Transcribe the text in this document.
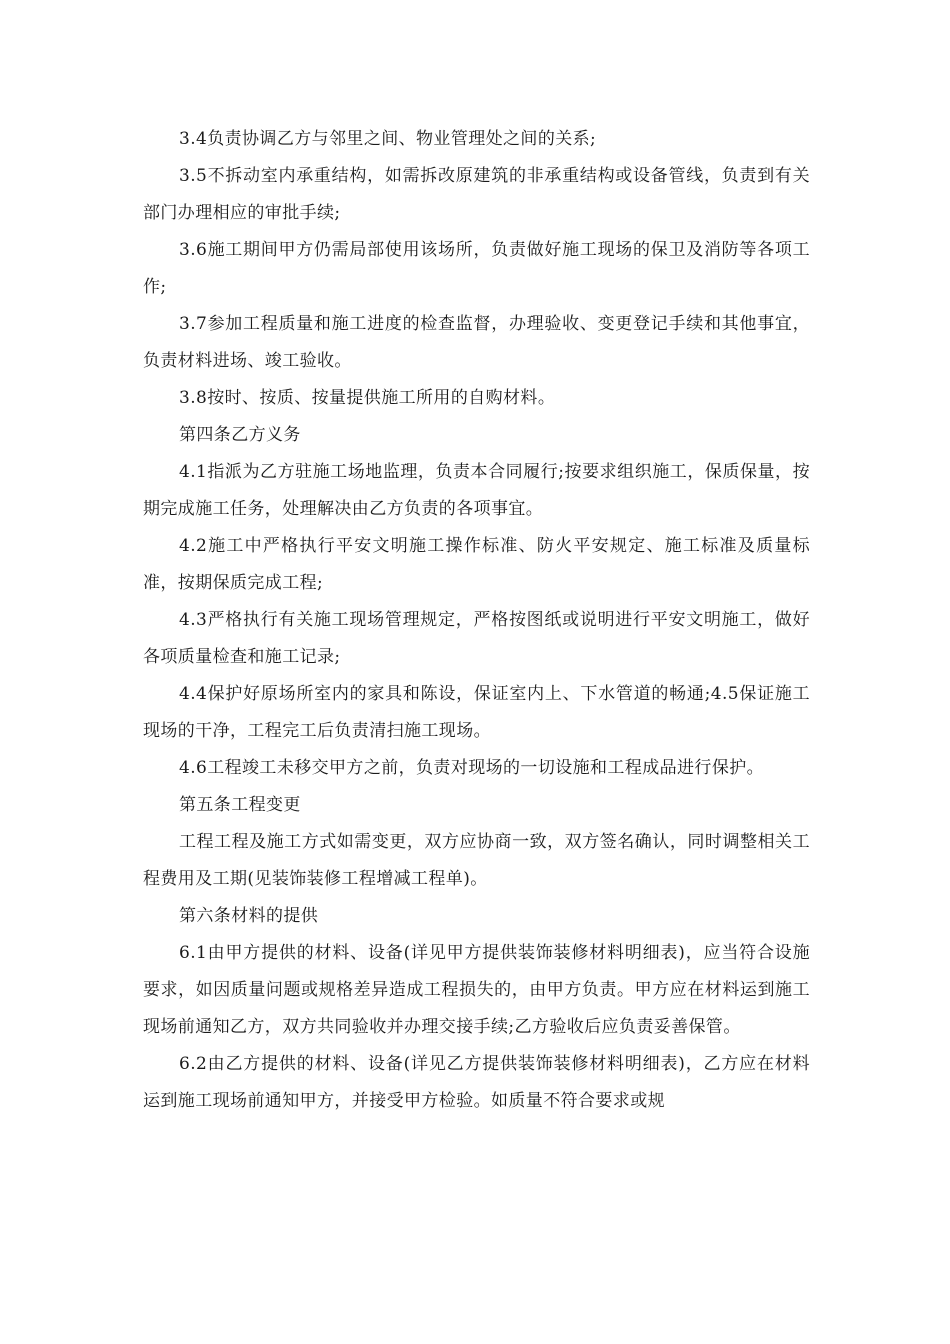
3.4负责协调乙方与邻里之间、物业管理处之间的关系;

3.5不拆动室内承重结构，如需拆改原建筑的非承重结构或设备管线，负责到有关部门办理相应的审批手续;

3.6施工期间甲方仍需局部使用该场所，负责做好施工现场的保卫及消防等各项工作;

3.7参加工程质量和施工进度的检查监督，办理验收、变更登记手续和其他事宜，负责材料进场、竣工验收。

3.8按时、按质、按量提供施工所用的自购材料。

第四条乙方义务

4.1指派为乙方驻施工场地监理，负责本合同履行;按要求组织施工，保质保量，按期完成施工任务，处理解决由乙方负责的各项事宜。

4.2施工中严格执行平安文明施工操作标准、防火平安规定、施工标准及质量标准，按期保质完成工程;

4.3严格执行有关施工现场管理规定，严格按图纸或说明进行平安文明施工，做好各项质量检查和施工记录;

4.4保护好原场所室内的家具和陈设，保证室内上、下水管道的畅通;4.5保证施工现场的干净，工程完工后负责清扫施工现场。

4.6工程竣工未移交甲方之前，负责对现场的一切设施和工程成品进行保护。

第五条工程变更

工程工程及施工方式如需变更，双方应协商一致，双方签名确认，同时调整相关工程费用及工期(见装饰装修工程增减工程单)。

第六条材料的提供

6.1由甲方提供的材料、设备(详见甲方提供装饰装修材料明细表)，应当符合设施要求，如因质量问题或规格差异造成工程损失的，由甲方负责。甲方应在材料运到施工现场前通知乙方，双方共同验收并办理交接手续;乙方验收后应负责妥善保管。

6.2由乙方提供的材料、设备(详见乙方提供装饰装修材料明细表)，乙方应在材料运到施工现场前通知甲方，并接受甲方检验。如质量不符合要求或规
